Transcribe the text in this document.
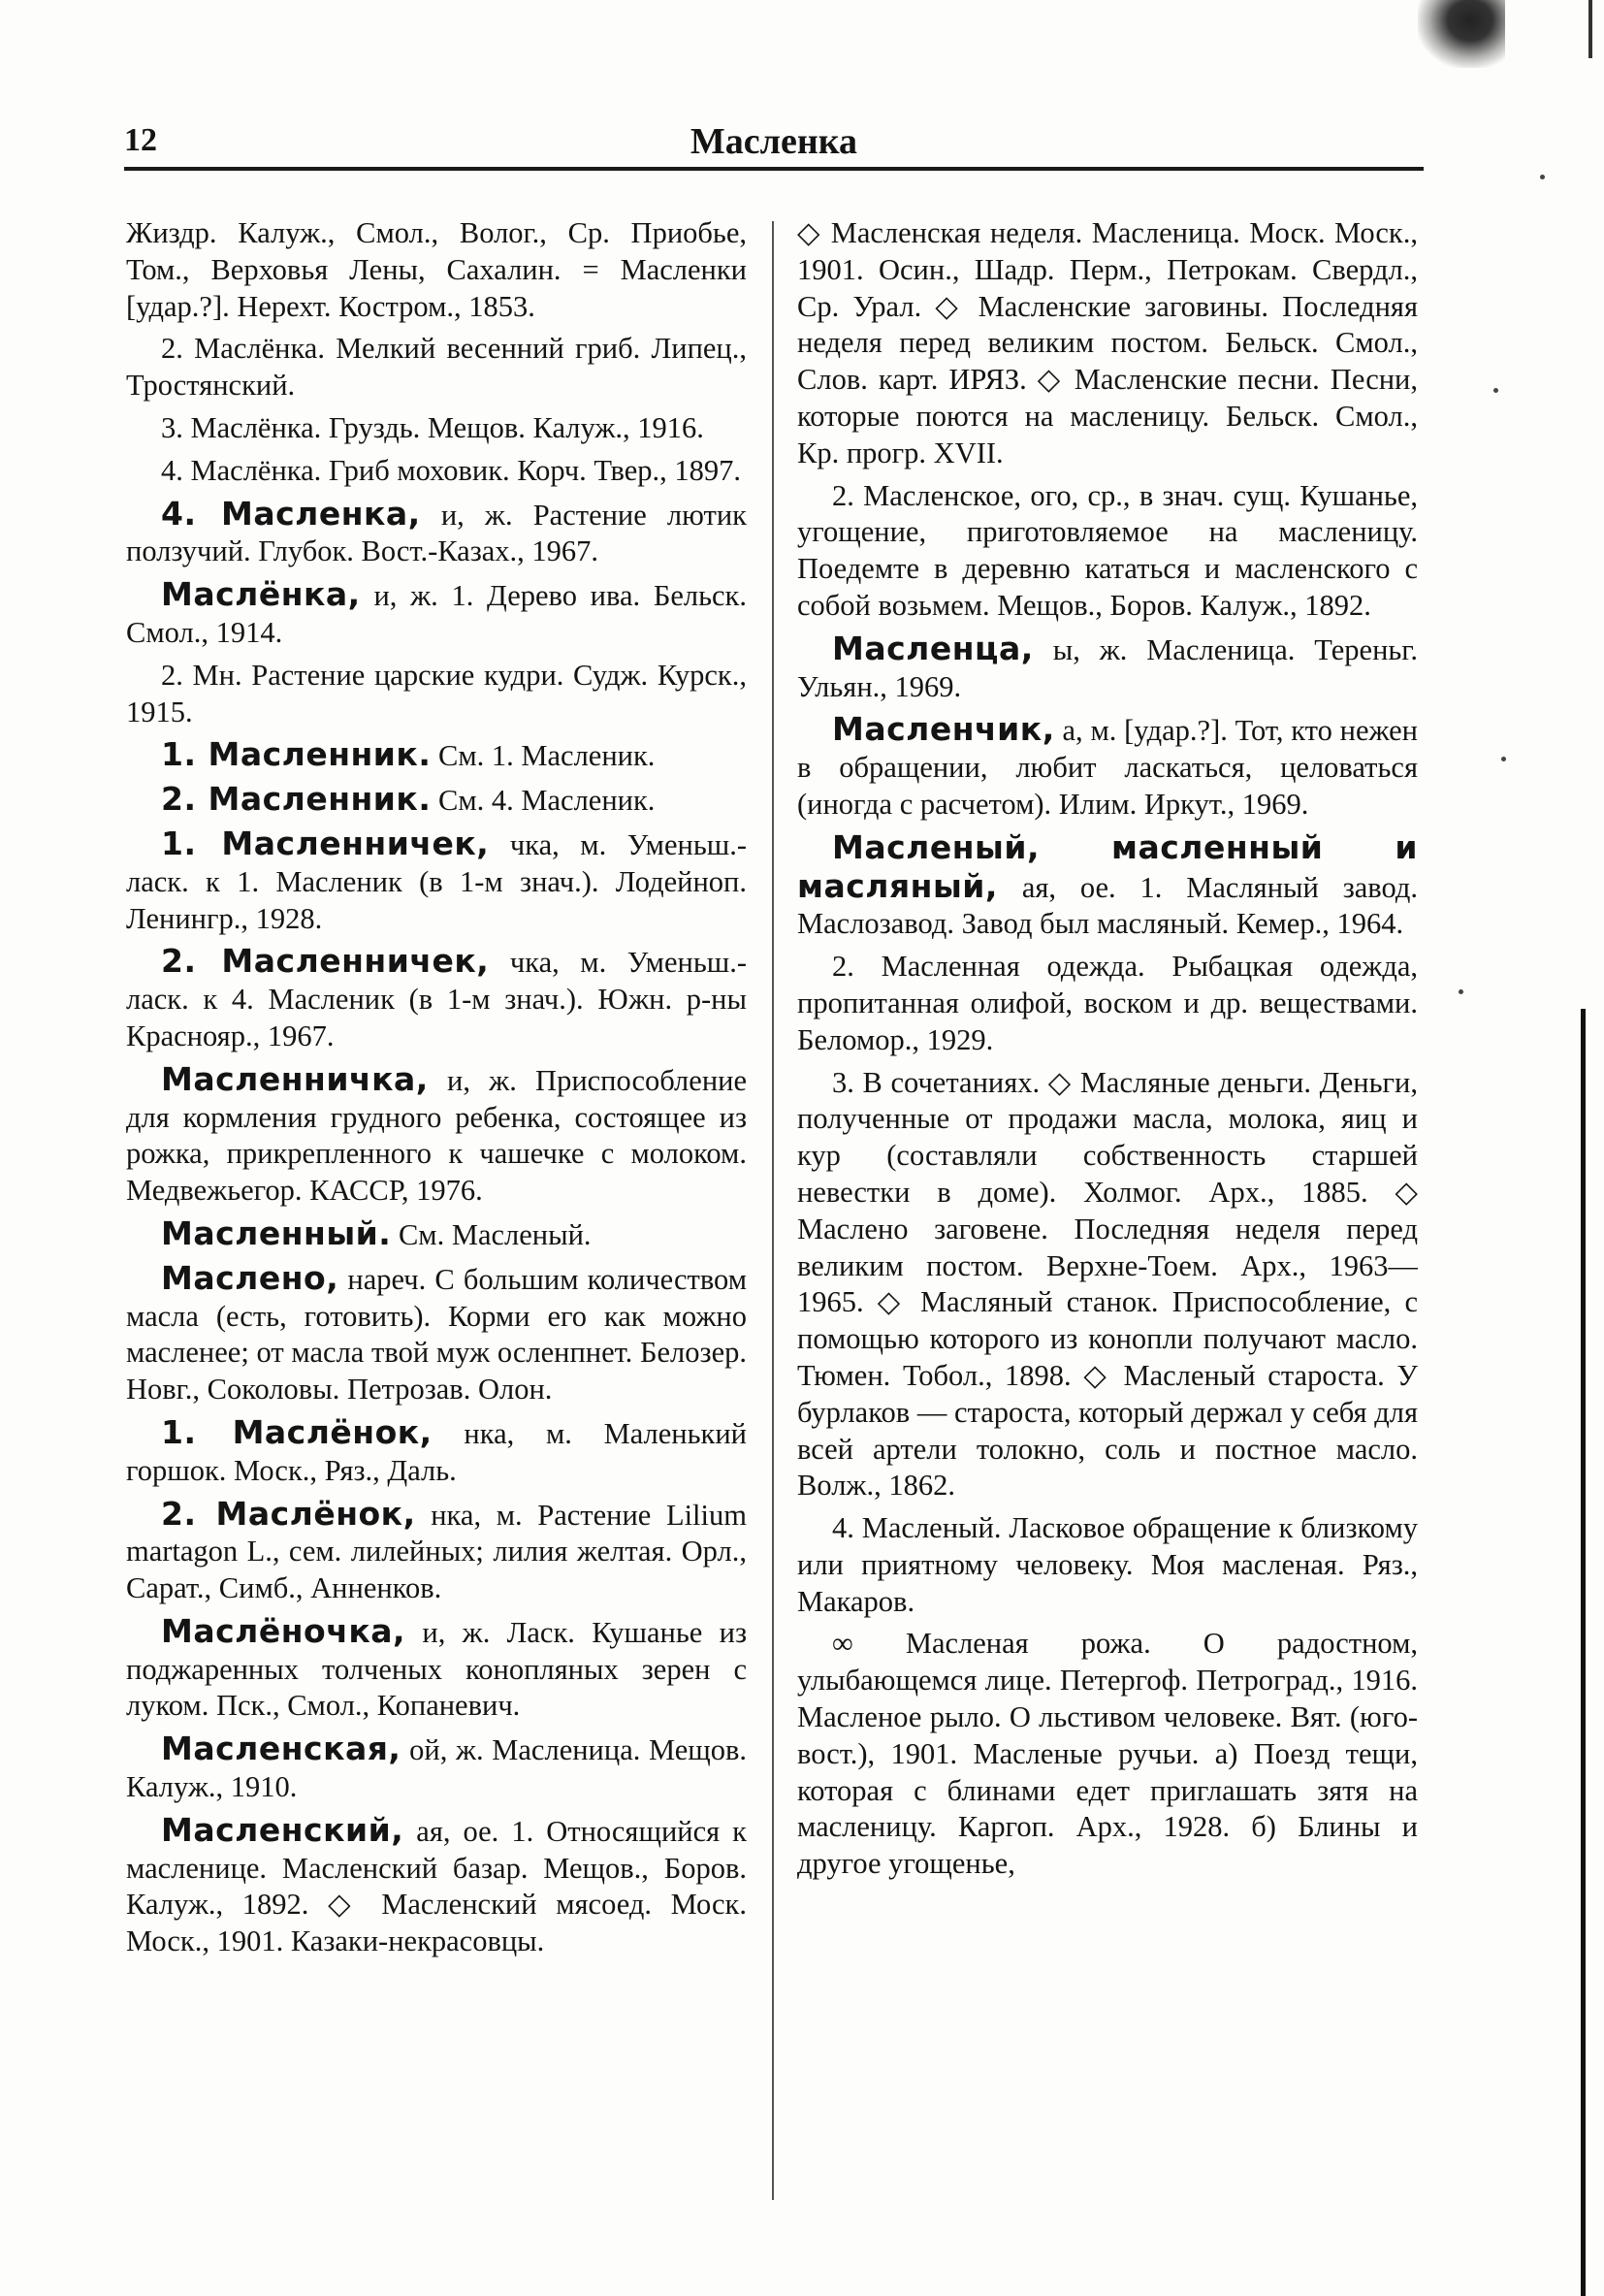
12	Масленка

Жиздр. Калуж., Смол., Волог., Ср. Приобье, Том., Верховья Лены, Сахалин. = Масленки [удар.?]. Нерехт. Костром., 1853.

2. Маслёнка. Мелкий весенний гриб. Липец., Тростянский.

3. Маслёнка. Груздь. Мещов. Калуж., 1916.

4. Маслёнка. Гриб моховик. Корч. Твер., 1897.

4. Масленка, и, ж. Растение лютик ползучий. Глубок. Вост.-Казах., 1967.

Маслёнка, и, ж. 1. Дерево ива. Бельск. Смол., 1914.

2. Мн. Растение царские кудри. Судж. Курск., 1915.

1. Масленник. См. 1. Масленик.

2. Масленник. См. 4. Масленик.

1. Масленничек, чка, м. Уменьш.-ласк. к 1. Масленик (в 1-м знач.). Лодейноп. Ленингр., 1928.

2. Масленничек, чка, м. Уменьш.-ласк. к 4. Масленик (в 1-м знач.). Южн. р-ны Краснояр., 1967.

Масленничка, и, ж. Приспособление для кормления грудного ребенка, состоящее из рожка, прикрепленного к чашечке с молоком. Медвежьегор. КАССР, 1976.

Масленный. См. Масленый.

Масленo, нареч. С большим количеством масла (есть, готовить). Корми его как можно масленее; от масла твой муж осленпнет. Белозер. Новг., Соколовы. Петрозав. Олон.

1. Маслёнок, нка, м. Маленький горшок. Моск., Ряз., Даль.

2. Маслёнок, нка, м. Растение Lilium martagon L., сем. лилейных; лилия желтая. Орл., Сарат., Симб., Анненков.

Маслёночка, и, ж. Ласк. Кушанье из поджаренных толченых конопляных зерен с луком. Пск., Смол., Копаневич.

Масленская, ой, ж. Масленица. Мещов. Калуж., 1910.

Масленский, ая, ое. 1. Относящийся к масленице. Масленский базар. Мещов., Боров. Калуж., 1892. ◇ Масленский мясоед. Моск. Моск., 1901. Казаки-некрасовцы.

◇ Масленская неделя. Масленица. Моск. Моск., 1901. Осин., Шадр. Перм., Петрокам. Свердл., Ср. Урал. ◇ Масленские заговины. Последняя неделя перед великим постом. Бельск. Смол., Слов. карт. ИРЯЗ. ◇ Масленские песни. Песни, которые поются на масленицу. Бельск. Смол., Кр. прогр. XVII.

2. Масленское, ого, ср., в знач. сущ. Кушанье, угощение, приготовляемое на масленицу. Поедемте в деревню кататься и масленского с собой возьмем. Мещов., Боров. Калуж., 1892.

Масленца, ы, ж. Масленица. Тереньг. Ульян., 1969.

Масленчик, а, м. [удар.?]. Тот, кто нежен в обращении, любит ласкаться, целоваться (иногда с расчетом). Илим. Иркут., 1969.

Масленый, масленный и масляный, ая, ое. 1. Масляный завод. Маслозавод. Завод был масляный. Кемер., 1964.

2. Масленная одежда. Рыбацкая одежда, пропитанная олифой, воском и др. веществами. Беломор., 1929.

3. В сочетаниях. ◇ Масляные деньги. Деньги, полученные от продажи масла, молока, яиц и кур (составляли собственность старшей невестки в доме). Холмог. Арх., 1885. ◇ Масленo заговене. Последняя неделя перед великим постом. Верхне-Тоем. Арх., 1963—1965. ◇ Масляный станок. Приспособление, с помощью которого из конопли получают масло. Тюмен. Тобол., 1898. ◇ Масленый староста. У бурлаков — староста, который держал у себя для всей артели толокно, соль и постное масло. Волж., 1862.

4. Масленый. Ласковое обращение к близкому или приятному человеку. Моя масленая. Ряз., Макаров.

∞ Масленая рожа. О радостном, улыбающемся лице. Петергоф. Петроград., 1916. Масленое рыло. О льстивом человеке. Вят. (юго-вост.), 1901. Масленые ручьи. а) Поезд тещи, которая с блинами едет приглашать зятя на масленицу. Каргоп. Арх., 1928. б) Блины и другое угощенье,
